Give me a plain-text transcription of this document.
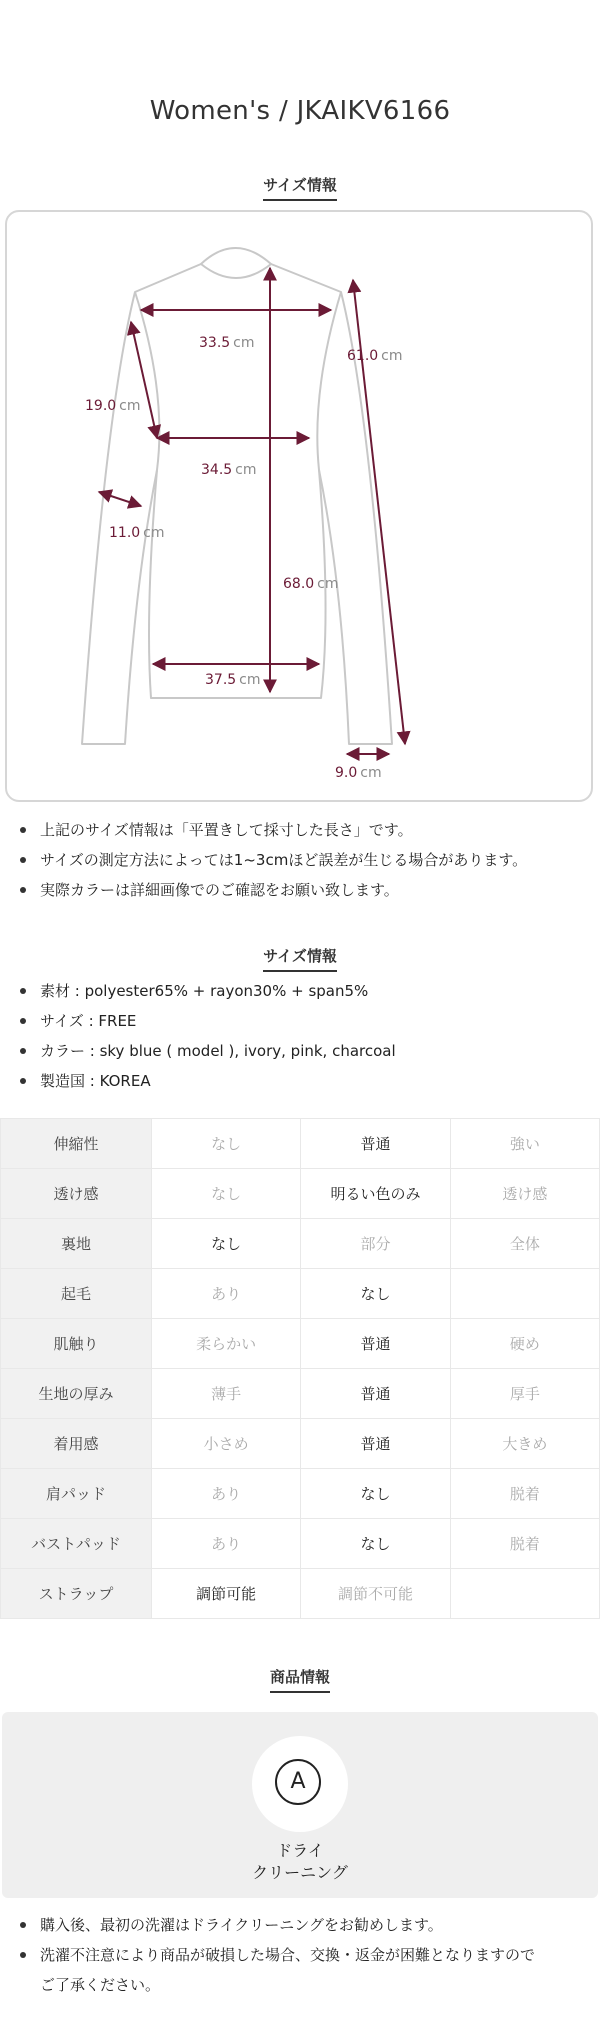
Women's / JKAIKV6166
サイズ情報
33.5 cm
61.0 cm
19.0 cm
34.5 cm
11.0 cm
68.0 cm
37.5 cm
9.0 cm
上記のサイズ情報は「平置きして採寸した長さ」です。
サイズの測定方法によっては1~3cmほど誤差が生じる場合があります。
実際カラーは詳細画像でのご確認をお願い致します。
サイズ情報
素材 : polyester65% + rayon30% + span5%
サイズ : FREE
カラー : sky blue ( model ), ivory, pink, charcoal
製造国 : KOREA
伸縮性	なし	普通	強い
透け感	なし	明るい色のみ	透け感
裏地	なし	部分	全体
起毛	あり	なし	
肌触り	柔らかい	普通	硬め
生地の厚み	薄手	普通	厚手
着用感	小さめ	普通	大きめ
肩パッド	あり	なし	脱着
バストパッド	あり	なし	脱着
ストラップ	調節可能	調節不可能	
商品情報
A
ドライ
クリーニング
購入後、最初の洗濯はドライクリーニングをお勧めします。
洗濯不注意により商品が破損した場合、交換・返金が困難となりますので
ご了承ください。
